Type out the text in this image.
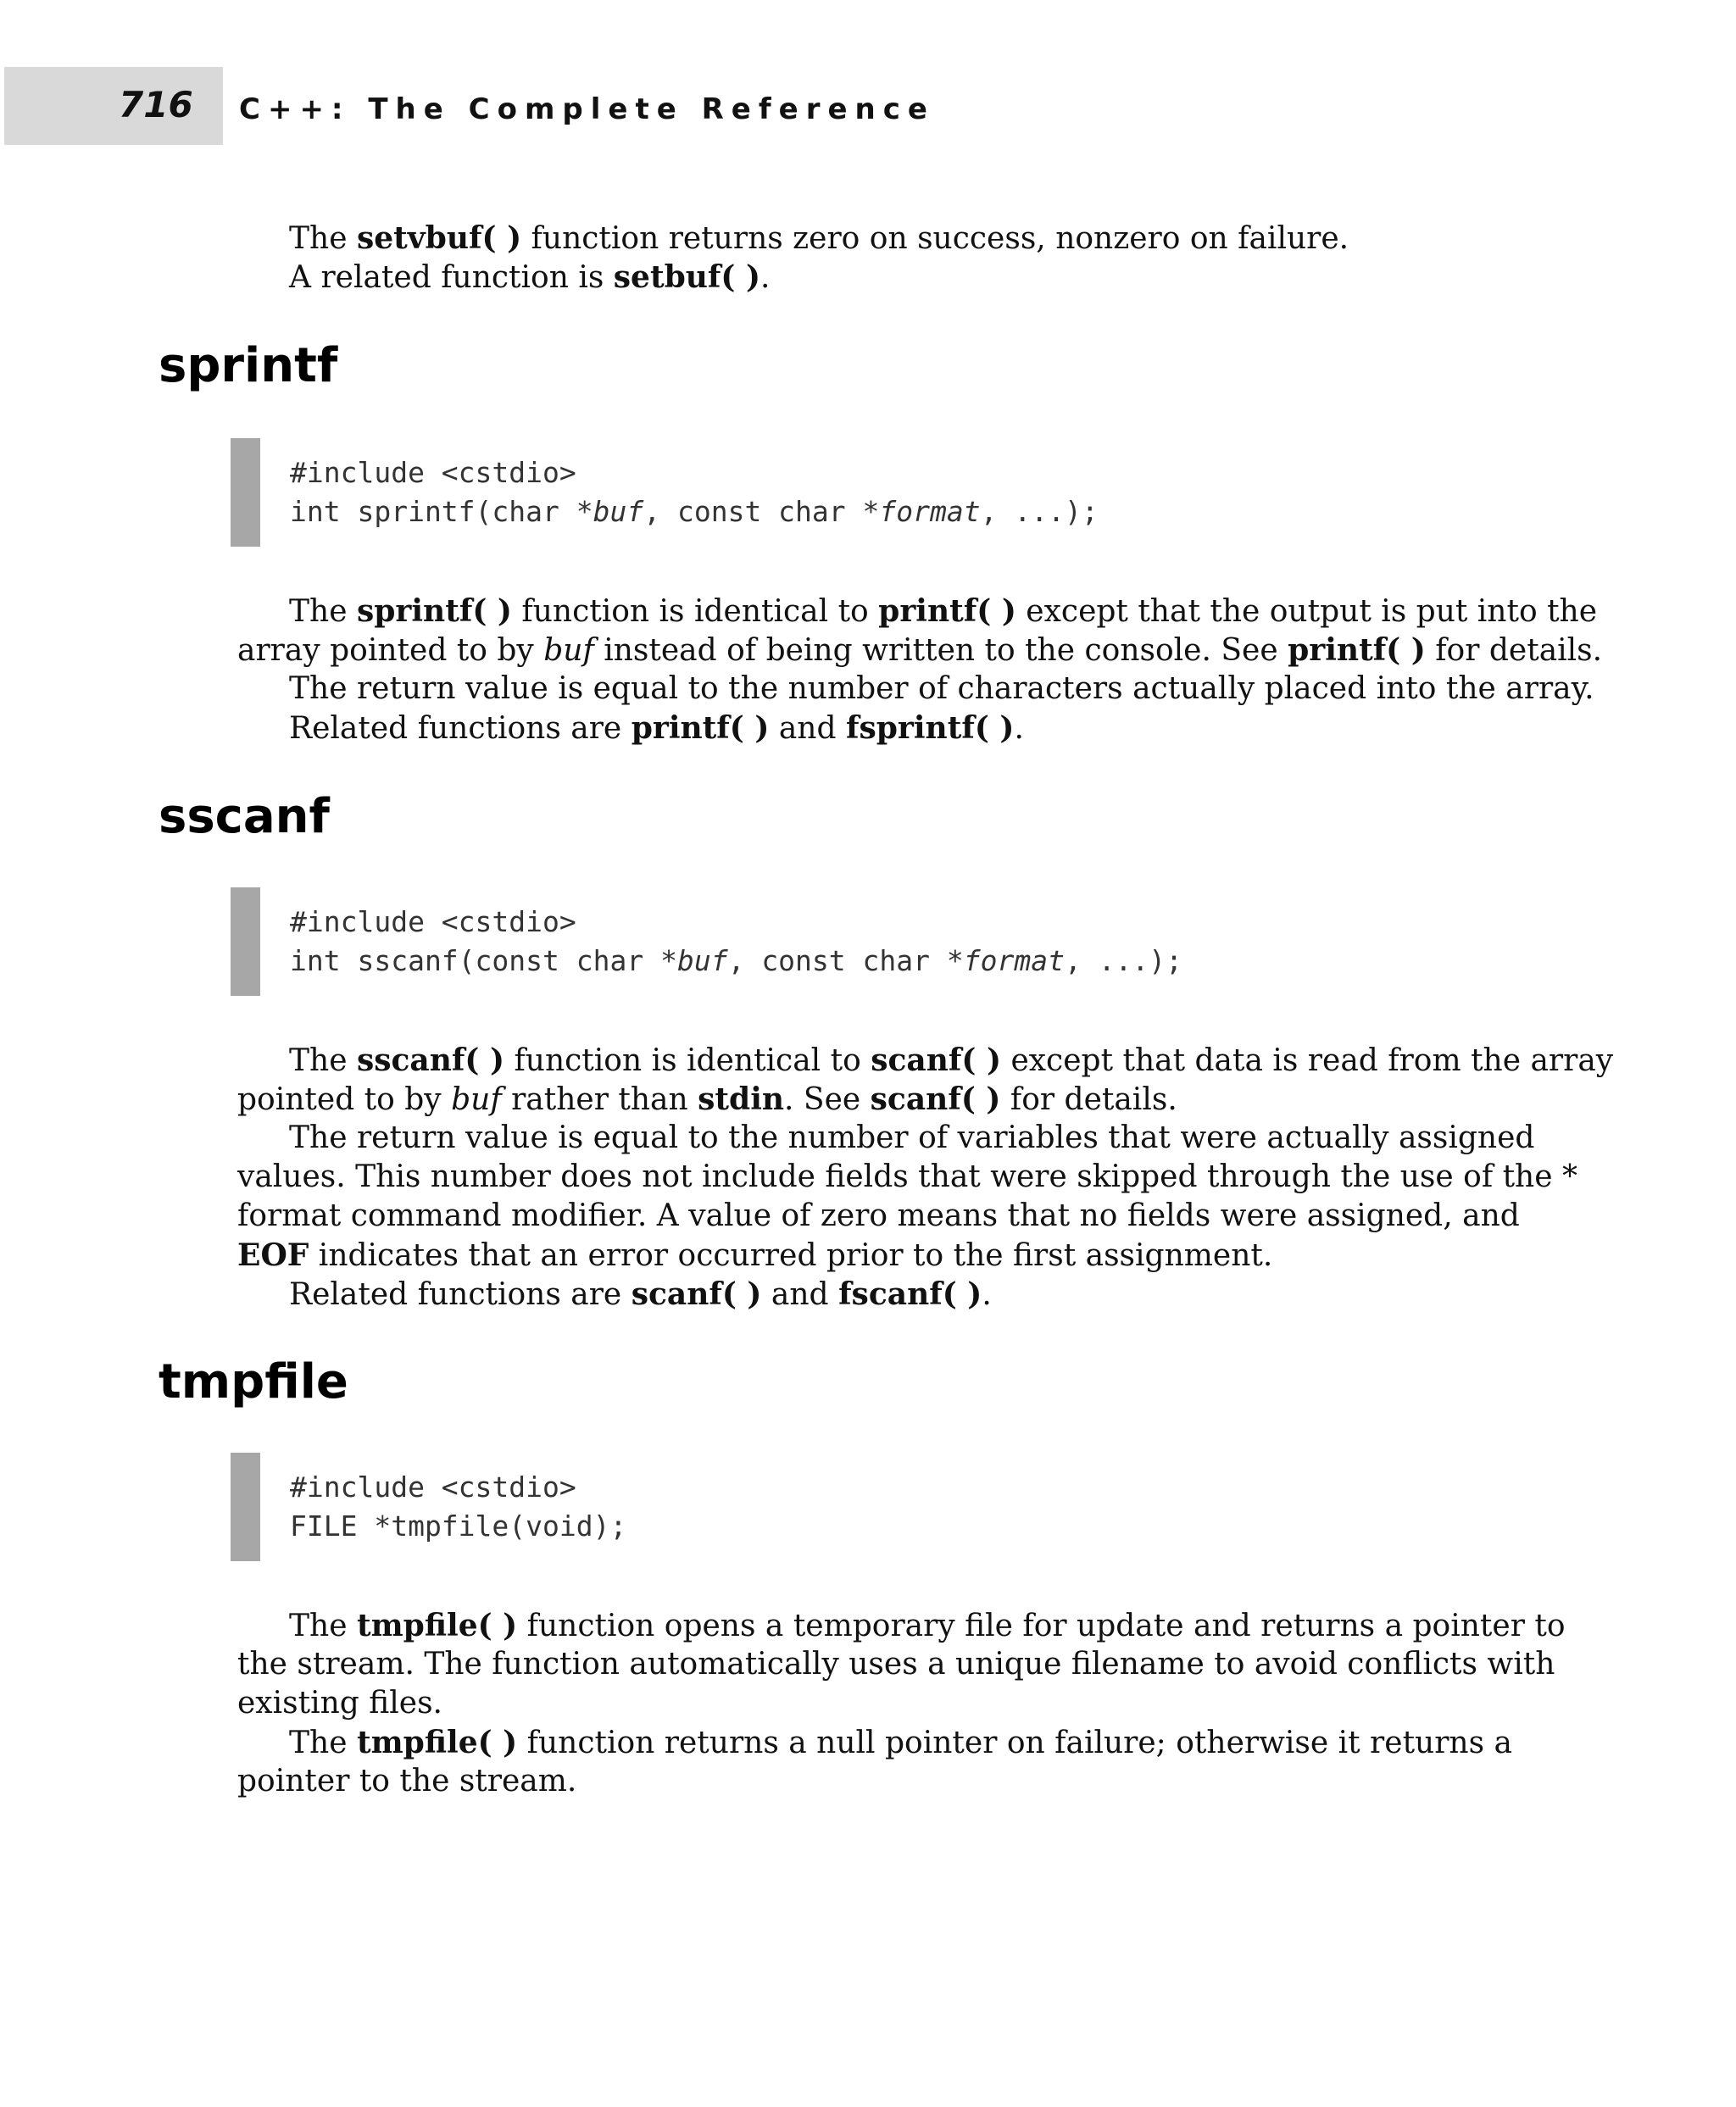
716 C++: The Complete Reference

The setvbuf( ) function returns zero on success, nonzero on failure.

A related function is setbuf( ).

sprintf
#include <cstdio>
int sprintf(char *buf, const char *format, ...);

The sprintf( ) function is identical to printf( ) except that the output is put into the

array pointed to by buf instead of being written to the console. See printf( ) for details.

The return value is equal to the number of characters actually placed into the array.

Related functions are printf( ) and fsprintf( ).

sscanf
#include <cstdio>
int sscanf(const char *buf, const char *format, ...);

The sscanf( ) function is identical to scanf( ) except that data is read from the array

pointed to by buf rather than stdin. See scanf( ) for details.

The return value is equal to the number of variables that were actually assigned

values. This number does not include fields that were skipped through the use of the *

format command modifier. A value of zero means that no fields were assigned, and

EOF indicates that an error occurred prior to the first assignment.

Related functions are scanf( ) and fscanf( ).

tmpfile
#include <cstdio>
FILE *tmpfile(void);

The tmpfile( ) function opens a temporary file for update and returns a pointer to

the stream. The function automatically uses a unique filename to avoid conflicts with

existing files.

The tmpfile( ) function returns a null pointer on failure; otherwise it returns a

pointer to the stream.
